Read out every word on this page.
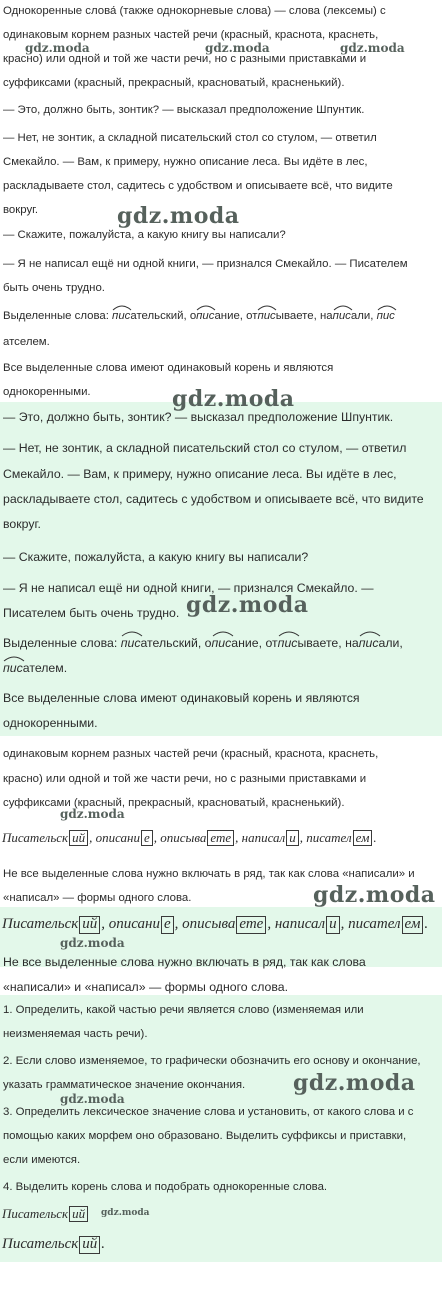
Однокоренные слова́ (также однокорневые слова) — слова (лексемы) с
одинаковым корнем разных частей речи (красный, краснота, краснеть,
красно) или одной и той же части речи, но с разными приставками и
суффиксами (красный, прекрасный, красноватый, красненький).
— Это, должно быть, зонтик? — высказал предположение Шпунтик.
— Нет, не зонтик, а складной писательский стол со стулом, — ответил
Смекайло. — Вам, к примеру, нужно описание леса. Вы идёте в лес,
раскладываете стол, садитесь с удобством и описываете всё, что видите
вокруг.
— Скажите, пожалуйста, а какую книгу вы написали?
— Я не написал ещё ни одной книги, — признался Смекайло. — Писателем
быть очень трудно.
Выделенные слова: писательский, о
писание, от
писываете, на
писали, пис
атселем.
Все выделенные слова имеют одинаковый корень и являются
однокоренными.
— Это, должно быть, зонтик? — высказал предположение Шпунтик.
— Нет, не зонтик, а складной писательский стол со стулом, — ответил
Смекайло. — Вам, к примеру, нужно описание леса. Вы идёте в лес,
раскладываете стол, садитесь с удобством и описываете всё, что видите
вокруг.
— Скажите, пожалуйста, а какую книгу вы написали?
— Я не написал ещё ни одной книги, — признался Смекайло. —
Писателем быть очень трудно.
Выделенные слова: писательский, о
писание, от
писываете, на
писали,
писателем.
Все выделенные слова имеют одинаковый корень и являются
однокоренными.
одинаковым корнем разных частей речи (красный, краснота, краснеть,
красно) или одной и той же части речи, но с разными приставками и
суффиксами (красный, прекрасный, красноватый, красненький).
Писательск ий , описани е , описыва ете , написал и , писател ем .
Не все выделенные слова нужно включать в ряд, так как слова «написали» и
«написал» — формы одного слова.
Писательск ий , описани е , описыва ете , написал и , писател ем .
Не все выделенные слова нужно включать в ряд, так как слова
«написали» и «написал» — формы одного слова.
1. Определить, какой частью речи является слово (изменяемая или
неизменяемая часть речи).
2. Если слово изменяемое, то графически обозначить его основу и окончание,
указать грамматическое значение окончания.
3. Определить лексическое значение слова и установить, от какого слова и с
помощью каких морфем оно образовано. Выделить суффиксы и приставки,
если имеются.
4. Выделить корень слова и подобрать однокоренные слова.
Писательск ий
Писательск ий .
gdz.moda	gdz.moda	gdz.moda
gdz.moda
gdz.moda
gdz.moda
gdz.moda
gdz.moda
gdz.moda
gdz.moda
gdz.moda
gdz.moda
